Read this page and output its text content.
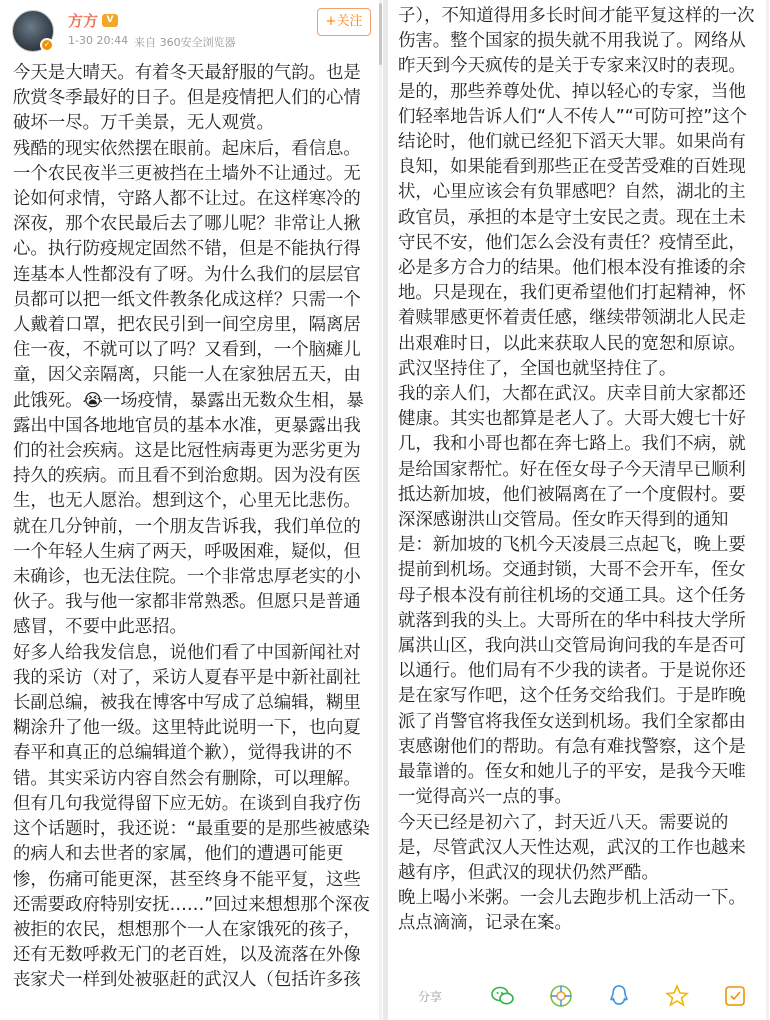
✓
方方 V
1-30 20:44 来自 360安全浏览器
+关注
今天是大晴天。有着冬天最舒服的气韵。也是欣赏冬季最好的日子。但是疫情把人们的心情破坏一尽。万千美景，无人观赏。
残酷的现实依然摆在眼前。起床后，看信息。一个农民夜半三更被挡在土墙外不让通过。无论如何求情，守路人都不让过。在这样寒冷的深夜，那个农民最后去了哪儿呢？非常让人揪心。执行防疫规定固然不错，但是不能执行得连基本人性都没有了呀。为什么我们的层层官员都可以把一纸文件教条化成这样？只需一个人戴着口罩，把农民引到一间空房里，隔离居住一夜，不就可以了吗？又看到，一个脑瘫儿童，因父亲隔离，只能一人在家独居五天，由此饿死。😭一场疫情，暴露出无数众生相，暴露出中国各地地官员的基本水准，更暴露出我们的社会疾病。这是比冠性病毒更为恶劣更为持久的疾病。而且看不到治愈期。因为没有医生，也无人愿治。想到这个，心里无比悲伤。就在几分钟前，一个朋友告诉我，我们单位的一个年轻人生病了两天，呼吸困难，疑似，但未确诊，也无法住院。一个非常忠厚老实的小伙子。我与他一家都非常熟悉。但愿只是普通感冒，不要中此恶招。
好多人给我发信息，说他们看了中国新闻社对我的采访（对了，采访人夏春平是中新社副社长副总编，被我在博客中写成了总编辑，糊里糊涂升了他一级。这里特此说明一下，也向夏春平和真正的总编辑道个歉），觉得我讲的不错。其实采访内容自然会有删除，可以理解。但有几句我觉得留下应无妨。在谈到自我疗伤这个话题时，我还说：“最重要的是那些被感染的病人和去世者的家属，他们的遭遇可能更惨，伤痛可能更深，甚至终身不能平复，这些还需要政府特别安抚……”回过来想想那个深夜被拒的农民，想想那个一人在家饿死的孩子，还有无数呼救无门的老百姓，以及流落在外像丧家犬一样到处被驱赶的武汉人（包括许多孩
子），不知道得用多长时间才能平复这样的一次伤害。整个国家的损失就不用我说了。网络从昨天到今天疯传的是关于专家来汉时的表现。是的，那些养尊处优、掉以轻心的专家，当他们轻率地告诉人们“人不传人”“可防可控”这个结论时，他们就已经犯下滔天大罪。如果尚有良知，如果能看到那些正在受苦受难的百姓现状，心里应该会有负罪感吧？自然，湖北的主政官员，承担的本是守土安民之责。现在土未守民不安，他们怎么会没有责任？疫情至此，必是多方合力的结果。他们根本没有推诿的余地。只是现在，我们更希望他们打起精神，怀着赎罪感更怀着责任感，继续带领湖北人民走出艰难时日，以此来获取人民的宽恕和原谅。武汉坚持住了，全国也就坚持住了。
我的亲人们，大都在武汉。庆幸目前大家都还健康。其实也都算是老人了。大哥大嫂七十好几，我和小哥也都在奔七路上。我们不病，就是给国家帮忙。好在侄女母子今天清早已顺利抵达新加坡，他们被隔离在了一个度假村。要深深感谢洪山交管局。侄女昨天得到的通知是：新加坡的飞机今天凌晨三点起飞，晚上要提前到机场。交通封锁，大哥不会开车，侄女母子根本没有前往机场的交通工具。这个任务就落到我的头上。大哥所在的华中科技大学所属洪山区，我向洪山交管局询问我的车是否可以通行。他们局有不少我的读者。于是说你还是在家写作吧，这个任务交给我们。于是昨晚派了肖警官将我侄女送到机场。我们全家都由衷感谢他们的帮助。有急有难找警察，这个是最靠谱的。侄女和她儿子的平安，是我今天唯一觉得高兴一点的事。
今天已经是初六了，封天近八天。需要说的是，尽管武汉人天性达观，武汉的工作也越来越有序，但武汉的现状仍然严酷。
晚上喝小米粥。一会儿去跑步机上活动一下。点点滴滴，记录在案。
分享
